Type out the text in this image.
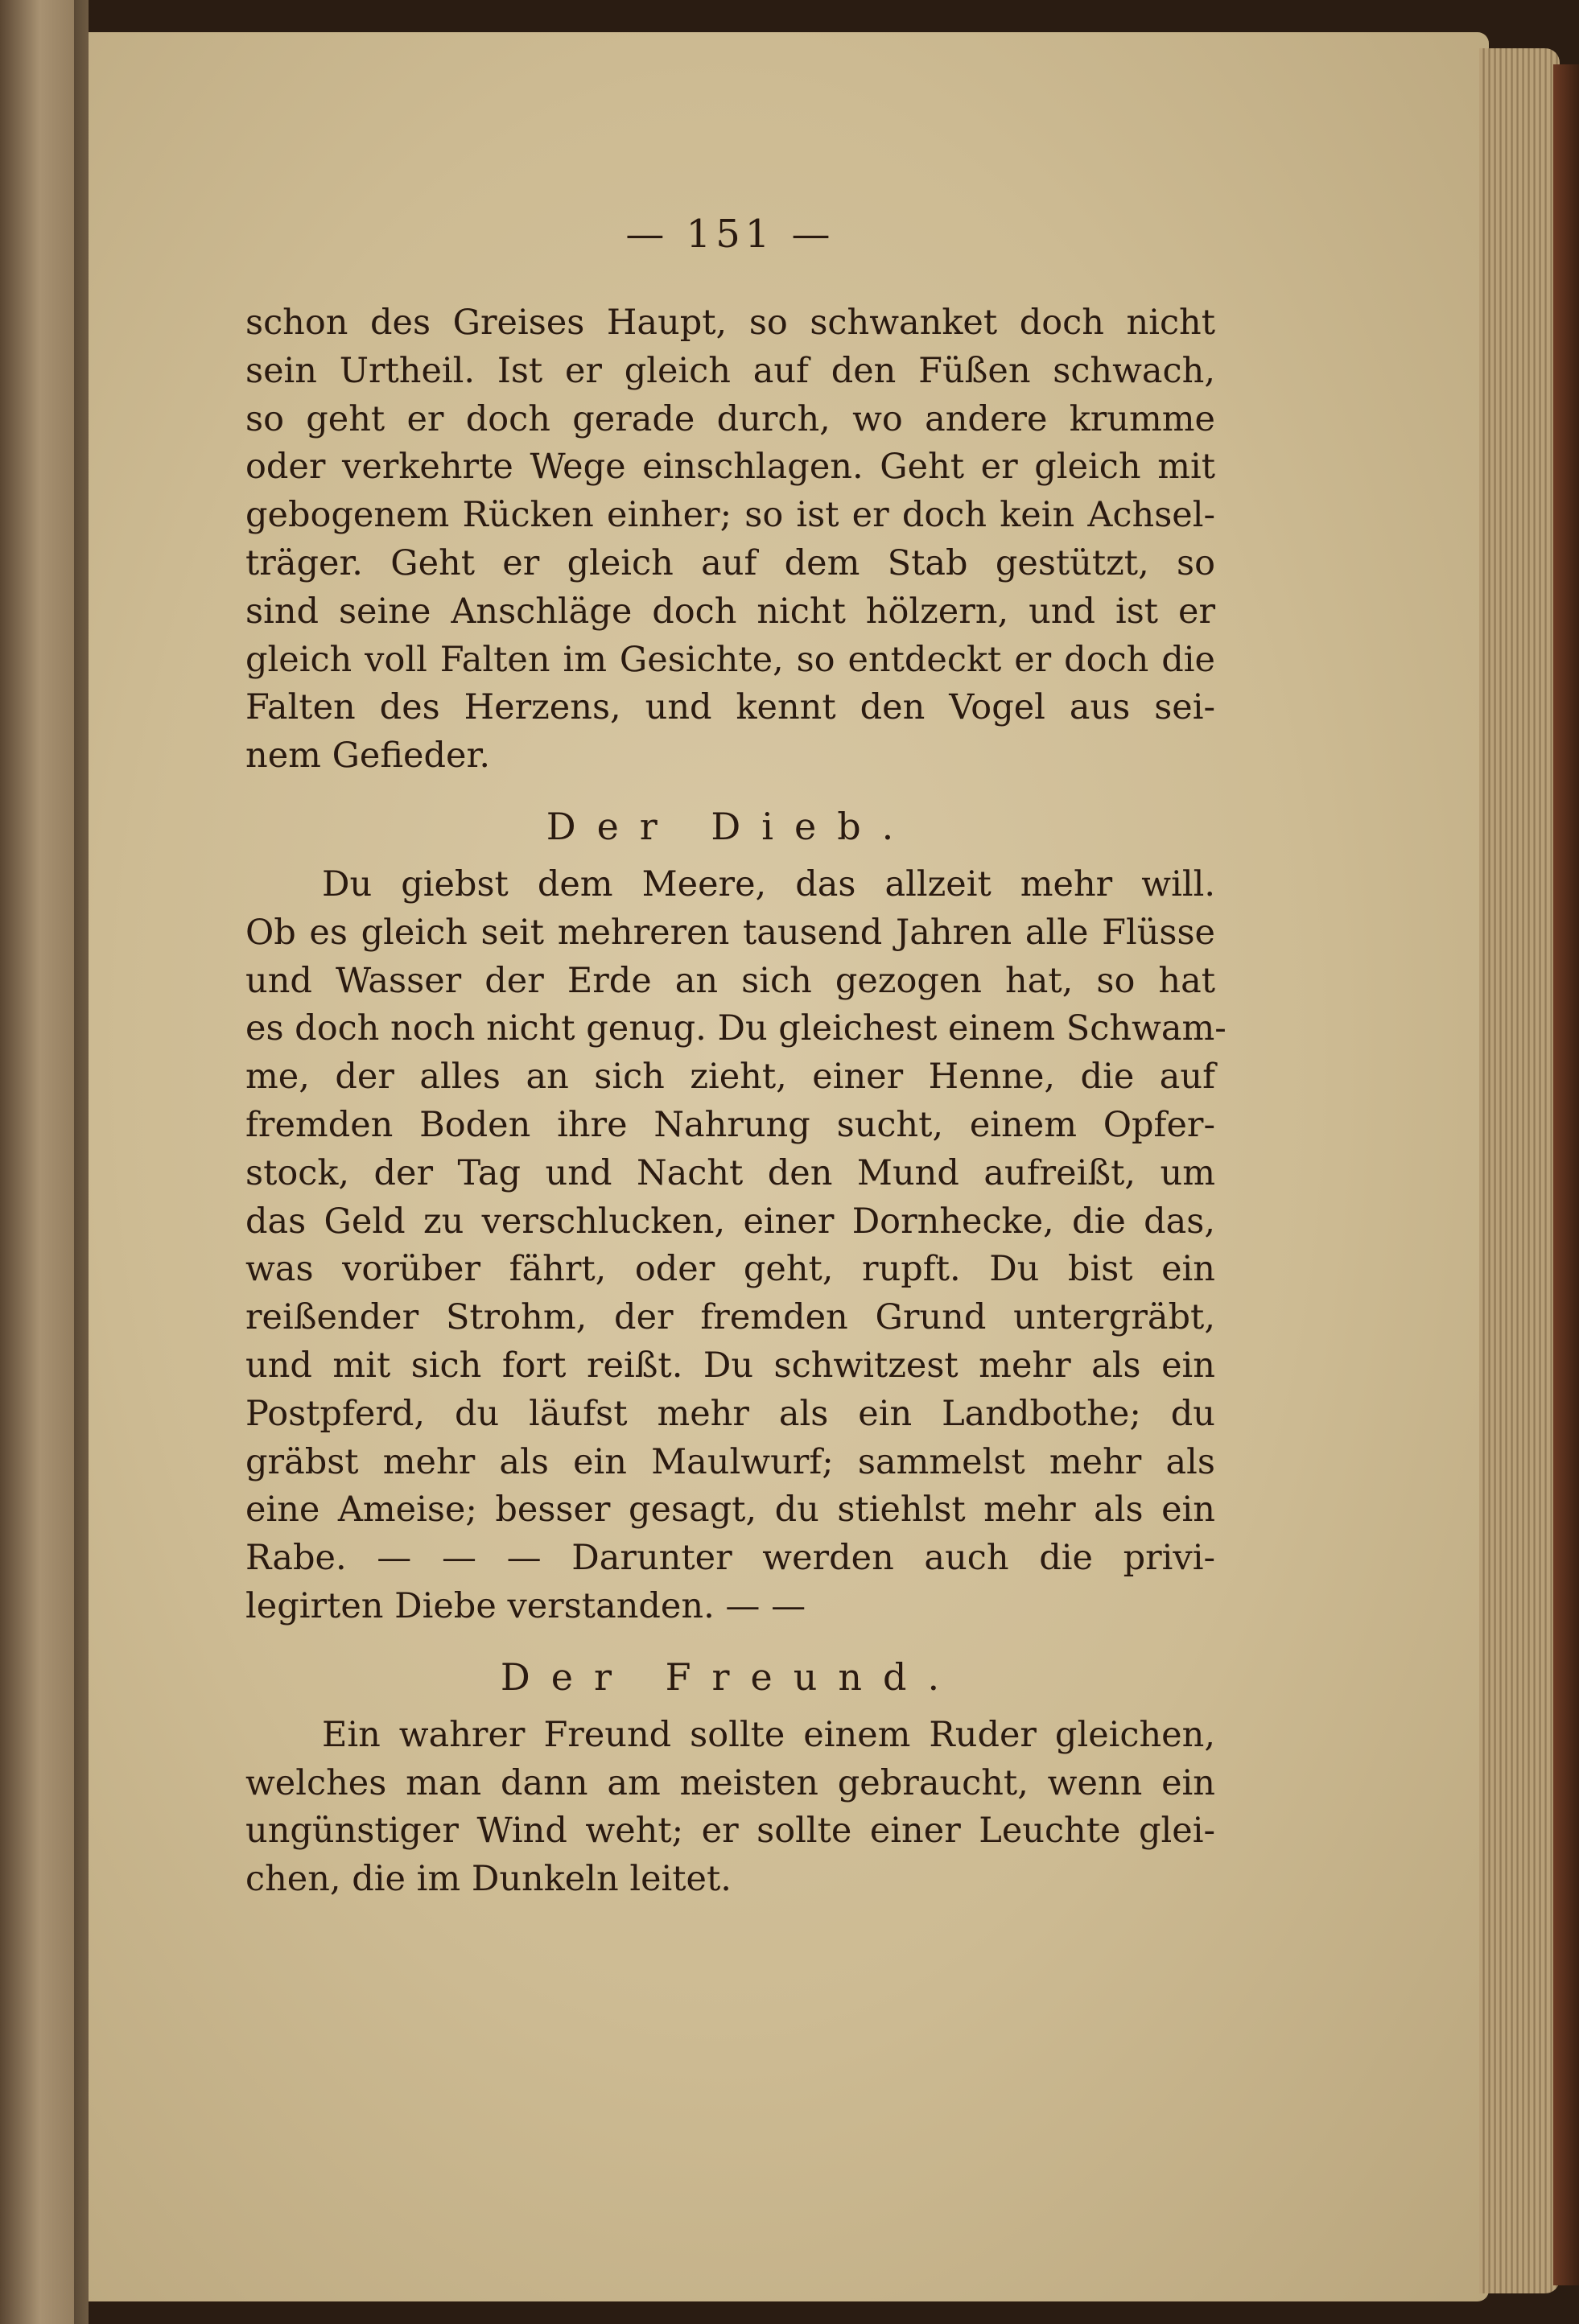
— 151 —
schon des Greises Haupt, so schwanket doch nicht
sein Urtheil. Ist er gleich auf den Füßen schwach,
so geht er doch gerade durch, wo andere krumme
oder verkehrte Wege einschlagen. Geht er gleich mit
gebogenem Rücken einher; so ist er doch kein Achsel-
träger. Geht er gleich auf dem Stab gestützt, so
sind seine Anschläge doch nicht hölzern, und ist er
gleich voll Falten im Gesichte, so entdeckt er doch die
Falten des Herzens, und kennt den Vogel aus sei-
nem Gefieder.
Der Dieb.
Du giebst dem Meere, das allzeit mehr will.
Ob es gleich seit mehreren tausend Jahren alle Flüsse
und Wasser der Erde an sich gezogen hat, so hat
es doch noch nicht genug. Du gleichest einem Schwam-
me, der alles an sich zieht, einer Henne, die auf
fremden Boden ihre Nahrung sucht, einem Opfer-
stock, der Tag und Nacht den Mund aufreißt, um
das Geld zu verschlucken, einer Dornhecke, die das,
was vorüber fährt, oder geht, rupft. Du bist ein
reißender Strohm, der fremden Grund untergräbt,
und mit sich fort reißt. Du schwitzest mehr als ein
Postpferd, du läufst mehr als ein Landbothe; du
gräbst mehr als ein Maulwurf; sammelst mehr als
eine Ameise; besser gesagt, du stiehlst mehr als ein
Rabe. — — — Darunter werden auch die privi-
legirten Diebe verstanden. — —
Der Freund.
Ein wahrer Freund sollte einem Ruder gleichen,
welches man dann am meisten gebraucht, wenn ein
ungünstiger Wind weht; er sollte einer Leuchte glei-
chen, die im Dunkeln leitet.
